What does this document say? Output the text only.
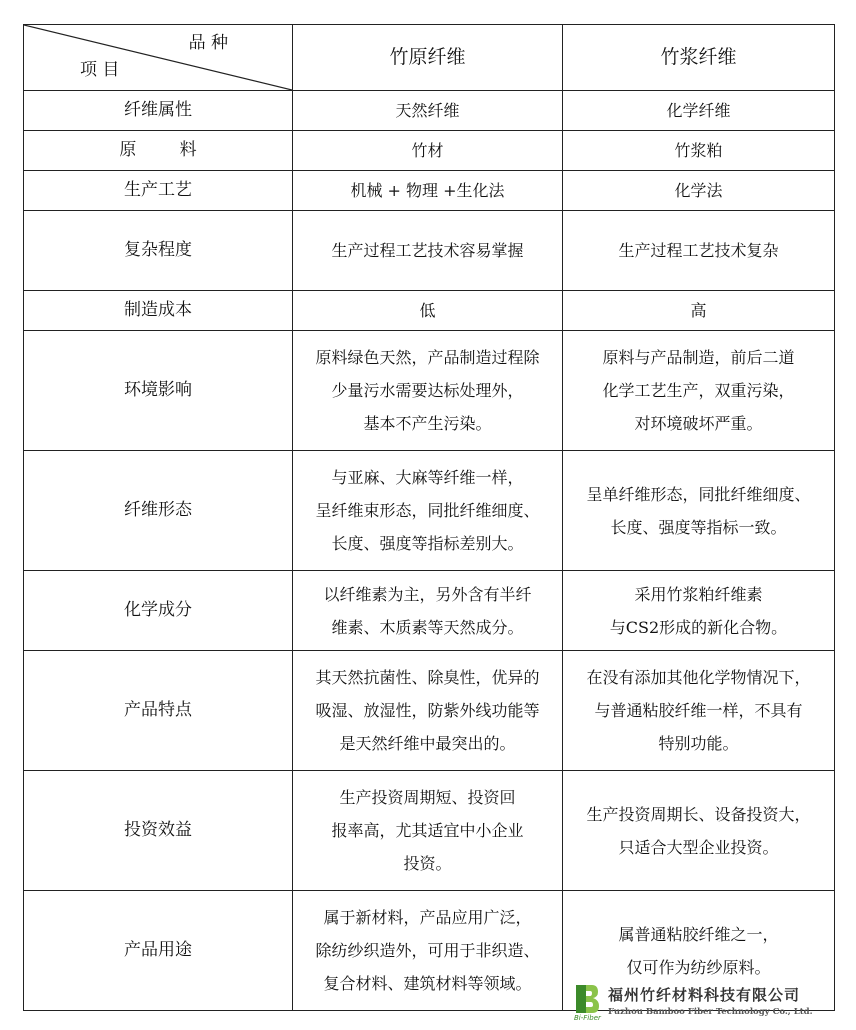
品 种
项 目	竹原纤维	竹浆纤维
纤维属性	天然纤维	化学纤维

原        料	竹材	竹浆粕

生产工艺	机械 + 物理 +生化法	化学法

复杂程度	生产过程工艺技术容易掌握	生产过程工艺技术复杂

制造成本	低	高

环境影响	原料绿色天然，产品制造过程除
少量污水需要达标处理外，
基本不产生污染。	原料与产品制造，前后二道
化学工艺生产，双重污染，
对环境破坏严重。

纤维形态	与亚麻、大麻等纤维一样，
呈纤维束形态，同批纤维细度、
长度、强度等指标差别大。	呈单纤维形态，同批纤维细度、
长度、强度等指标一致。

化学成分	以纤维素为主，另外含有半纤
维素、木质素等天然成分。	采用竹浆粕纤维素
与CS2形成的新化合物。

产品特点	其天然抗菌性、除臭性，优异的
吸湿、放湿性，防紫外线功能等
是天然纤维中最突出的。	在没有添加其他化学物情况下，
与普通粘胶纤维一样，不具有
特别功能。

投资效益	生产投资周期短、投资回
报率高，尤其适宜中小企业
投资。	生产投资周期长、设备投资大，
只适合大型企业投资。

产品用途	属于新材料，产品应用广泛，
除纺纱织造外，可用于非织造、
复合材料、建筑材料等领域。	属普通粘胶纤维之一，
仅可作为纺纱原料。
Bi-Fiber
福州竹纤材料科技有限公司
Fuzhou Bamboo Fiber Technology Co., Ltd.
